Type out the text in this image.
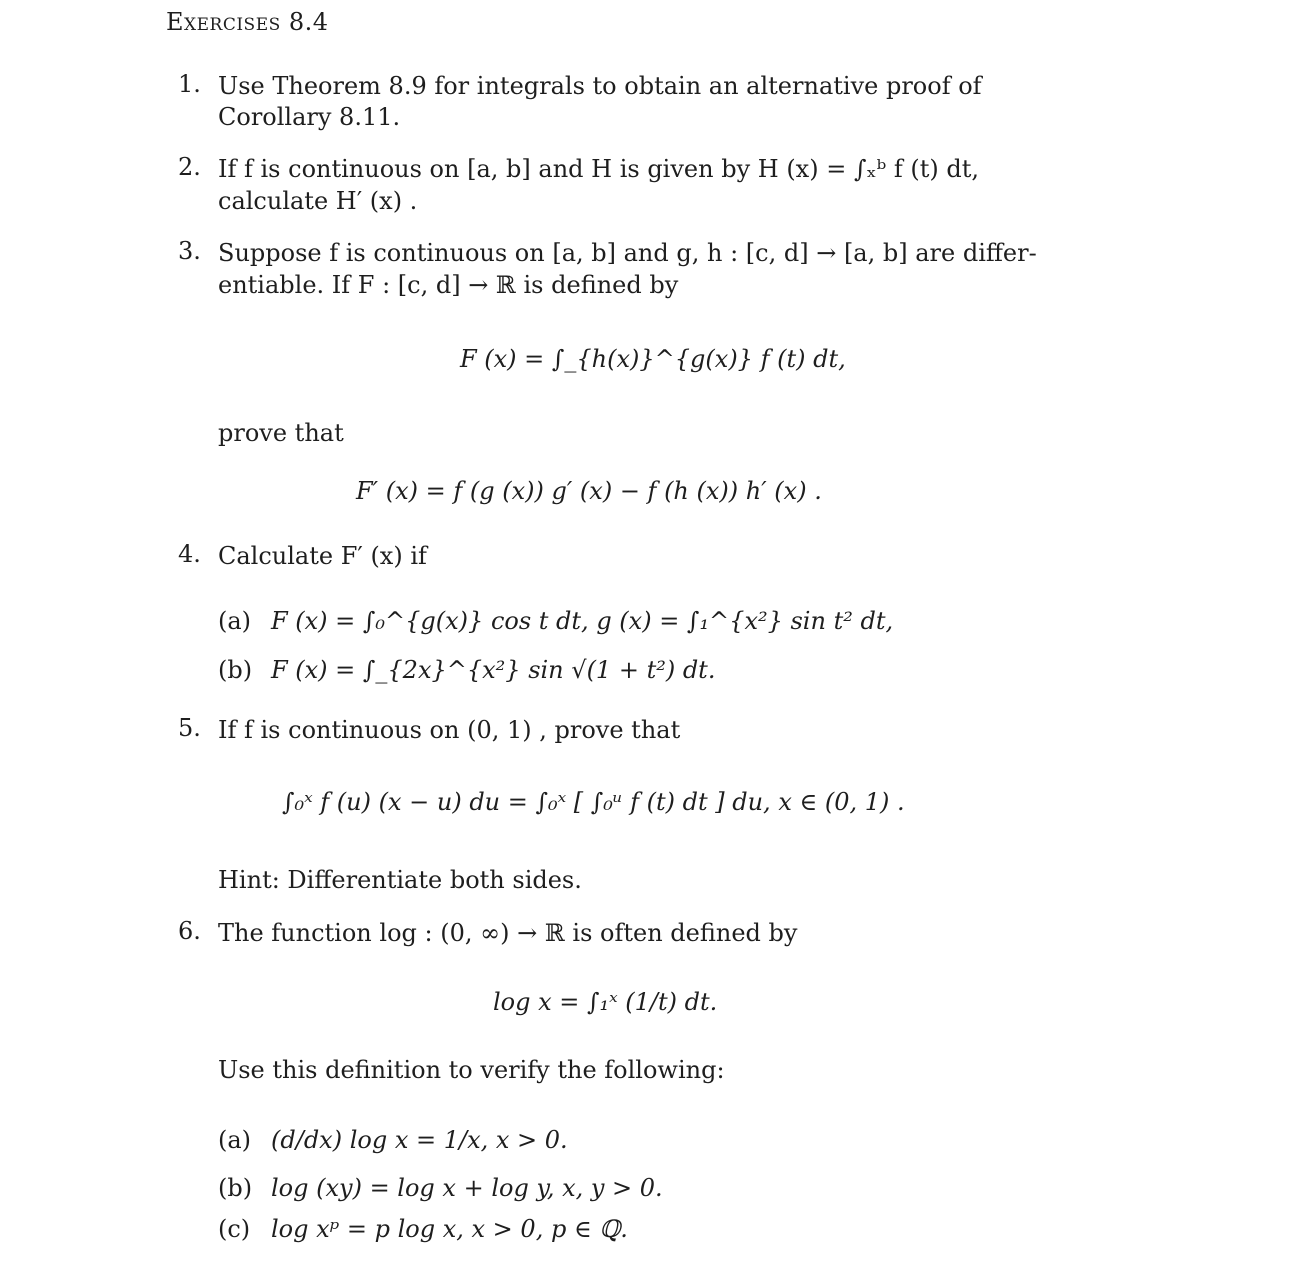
Exercises 8.4
1. Use Theorem 8.9 for integrals to obtain an alternative proof of
Corollary 8.11.
2. If f is continuous on [a, b] and H is given by H (x) = ∫ₓᵇ f (t) dt,
calculate H′ (x) .
3. Suppose f is continuous on [a, b] and g, h : [c, d] → [a, b] are differ-
entiable. If F : [c, d] → ℝ is defined by
F (x) = ∫_{h(x)}^{g(x)} f (t) dt,
prove that
F′ (x) = f (g (x)) g′ (x) − f (h (x)) h′ (x) .
4. Calculate F′ (x) if
(a) F (x) = ∫₀^{g(x)} cos t dt, g (x) = ∫₁^{x²} sin t² dt,
(b) F (x) = ∫_{2x}^{x²} sin √(1 + t²) dt.
5. If f is continuous on (0, 1) , prove that
∫₀ˣ f (u) (x − u) du = ∫₀ˣ [ ∫₀ᵘ f (t) dt ] du, x ∈ (0, 1) .
Hint: Differentiate both sides.
6. The function log : (0, ∞) → ℝ is often defined by
log x = ∫₁ˣ (1/t) dt.
Use this definition to verify the following:
(a) (d/dx) log x = 1/x, x > 0.
(b) log (xy) = log x + log y, x, y > 0.
(c) log xᵖ = p log x, x > 0, p ∈ ℚ.
